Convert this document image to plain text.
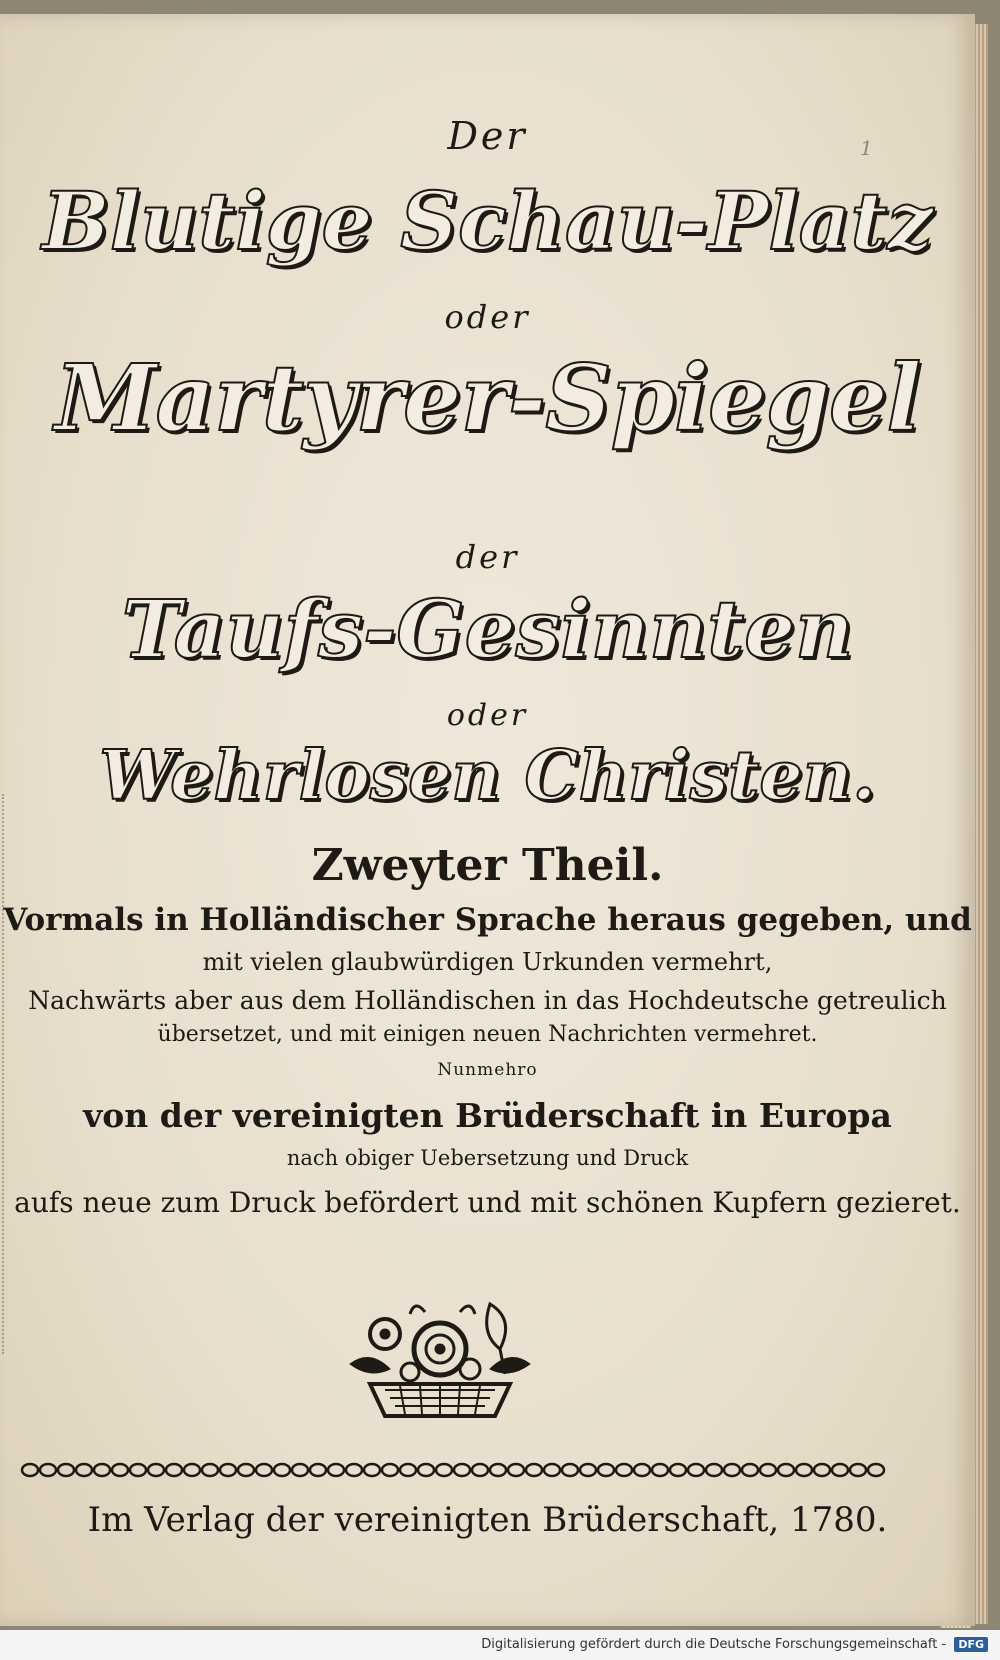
1
Der
Blutige Schau-Platz
oder
Martyrer-Spiegel
der
Taufs-Gesinnten
oder
Wehrlosen Christen.
Zweyter Theil.
Vormals in Holländischer Sprache heraus gegeben, und
mit vielen glaubwürdigen Urkunden vermehrt,
Nachwärts aber aus dem Holländischen in das Hochdeutsche getreulich
übersetzet, und mit einigen neuen Nachrichten vermehret.
Nunmehro
von der vereinigten Brüderschaft in Europa
nach obiger Uebersetzung und Druck
aufs neue zum Druck befördert und mit schönen Kupfern gezieret.
Im Verlag der vereinigten Brüderschaft, 1780.
Digitalisierung gefördert durch die Deutsche Forschungsgemeinschaft - DFG
